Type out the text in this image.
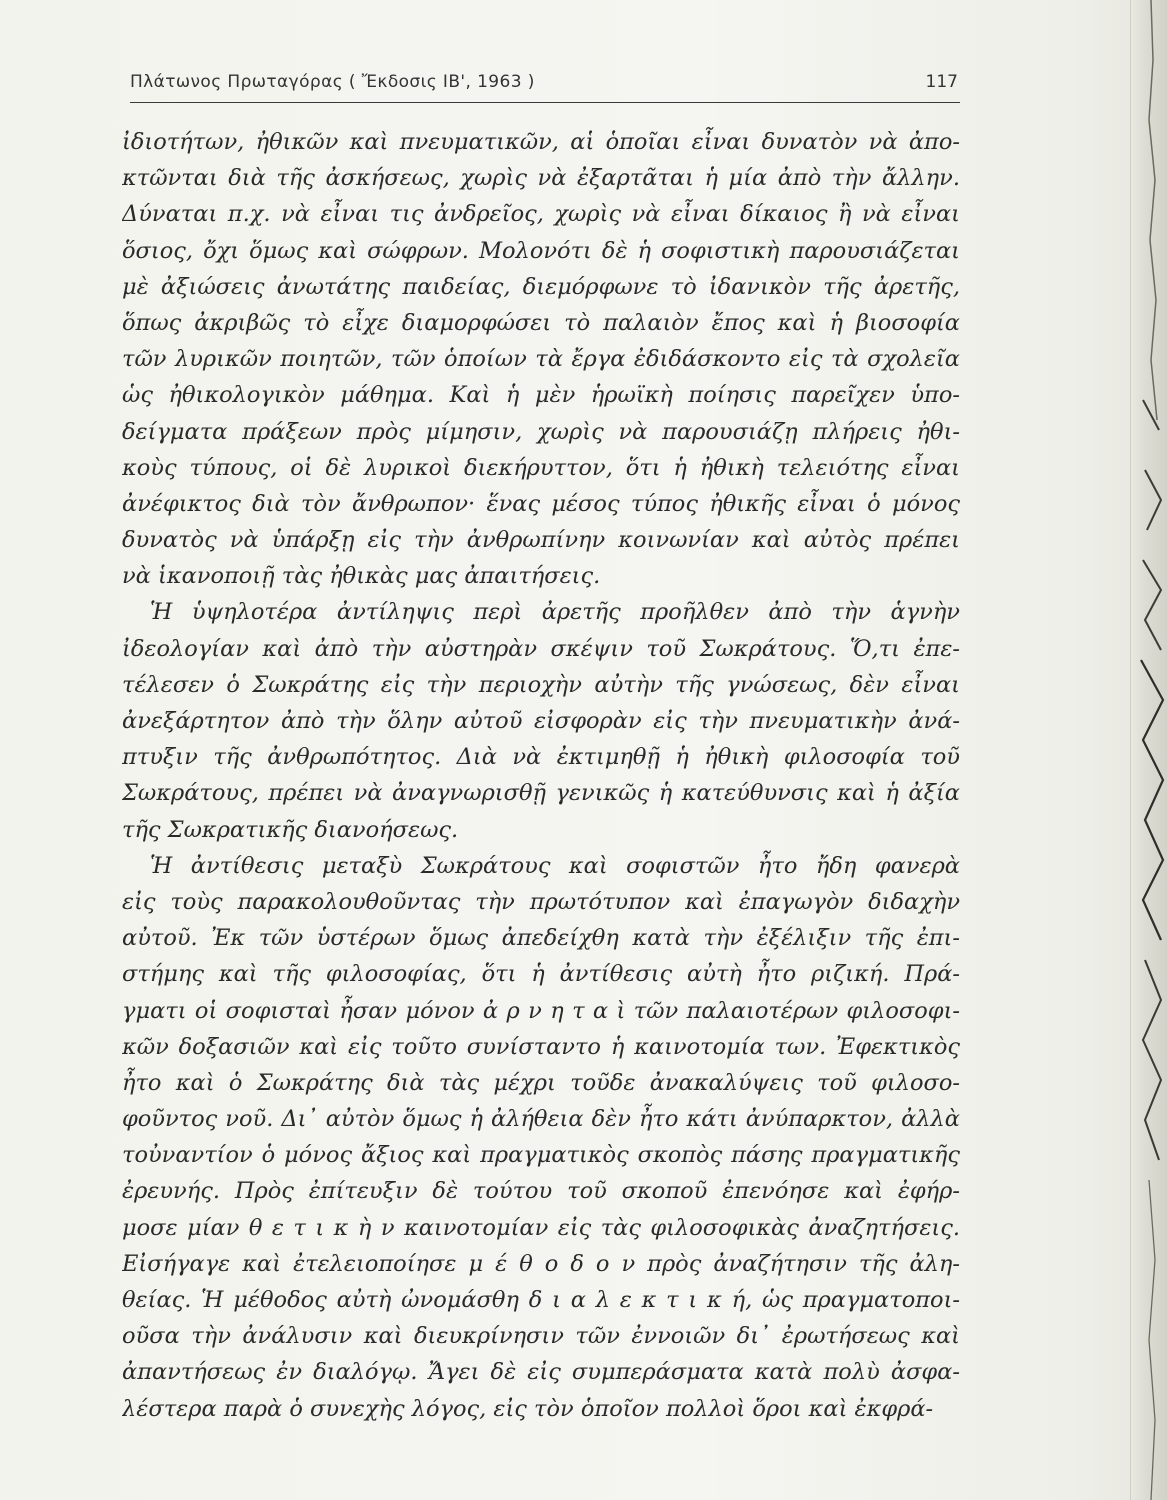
Πλάτωνος Πρωταγόρας ( Ἔκδοσις ΙΒ', 1963 )	117
ἰδιοτήτων, ἠθικῶν καὶ πνευματικῶν, αἱ ὁποῖαι εἶναι δυνατὸν νὰ ἀπο-
κτῶνται διὰ τῆς ἀσκήσεως, χωρὶς νὰ ἐξαρτᾶται ἡ μία ἀπὸ τὴν ἄλλην.
Δύναται π.χ. νὰ εἶναι τις ἀνδρεῖος, χωρὶς νὰ εἶναι δίκαιος ἢ νὰ εἶναι
ὅσιος, ὄχι ὅμως καὶ σώφρων. Μολονότι δὲ ἡ σοφιστικὴ παρουσιάζεται
μὲ ἀξιώσεις ἀνωτάτης παιδείας, διεμόρφωνε τὸ ἰδανικὸν τῆς ἀρετῆς,
ὅπως ἀκριβῶς τὸ εἶχε διαμορφώσει τὸ παλαιὸν ἔπος καὶ ἡ βιοσοφία
τῶν λυρικῶν ποιητῶν, τῶν ὁποίων τὰ ἔργα ἐδιδάσκοντο εἰς τὰ σχολεῖα
ὡς ἠθικολογικὸν μάθημα. Καὶ ἡ μὲν ἡρωϊκὴ ποίησις παρεῖχεν ὑπο-
δείγματα πράξεων πρὸς μίμησιν, χωρὶς νὰ παρουσιάζῃ πλήρεις ἠθι-
κοὺς τύπους, οἱ δὲ λυρικοὶ διεκήρυττον, ὅτι ἡ ἠθικὴ τελειότης εἶναι
ἀνέφικτος διὰ τὸν ἄνθρωπον· ἕνας μέσος τύπος ἠθικῆς εἶναι ὁ μόνος
δυνατὸς νὰ ὑπάρξῃ εἰς τὴν ἀνθρωπίνην κοινωνίαν καὶ αὐτὸς πρέπει
νὰ ἱκανοποιῇ τὰς ἠθικὰς μας ἀπαιτήσεις.
Ἡ ὑψηλοτέρα ἀντίληψις περὶ ἀρετῆς προῆλθεν ἀπὸ τὴν ἁγνὴν
ἰδεολογίαν καὶ ἀπὸ τὴν αὐστηρὰν σκέψιν τοῦ Σωκράτους. Ὅ,τι ἐπε-
τέλεσεν ὁ Σωκράτης εἰς τὴν περιοχὴν αὐτὴν τῆς γνώσεως, δὲν εἶναι
ἀνεξάρτητον ἀπὸ τὴν ὅλην αὐτοῦ εἰσφορὰν εἰς τὴν πνευματικὴν ἀνά-
πτυξιν τῆς ἀνθρωπότητος. Διὰ νὰ ἐκτιμηθῇ ἡ ἠθικὴ φιλοσοφία τοῦ
Σωκράτους, πρέπει νὰ ἀναγνωρισθῇ γενικῶς ἡ κατεύθυνσις καὶ ἡ ἀξία
τῆς Σωκρατικῆς διανοήσεως.
Ἡ ἀντίθεσις μεταξὺ Σωκράτους καὶ σοφιστῶν ἦτο ἤδη φανερὰ
εἰς τοὺς παρακολουθοῦντας τὴν πρωτότυπον καὶ ἐπαγωγὸν διδαχὴν
αὐτοῦ. Ἐκ τῶν ὑστέρων ὅμως ἀπεδείχθη κατὰ τὴν ἐξέλιξιν τῆς ἐπι-
στήμης καὶ τῆς φιλοσοφίας, ὅτι ἡ ἀντίθεσις αὐτὴ ἦτο ριζική. Πρά-
γματι οἱ σοφισταὶ ἦσαν μόνον ἀ ρ ν η τ α ὶ τῶν παλαιοτέρων φιλοσοφι-
κῶν δοξασιῶν καὶ εἰς τοῦτο συνίσταντο ἡ καινοτομία των. Ἐφεκτικὸς
ἦτο καὶ ὁ Σωκράτης διὰ τὰς μέχρι τοῦδε ἀνακαλύψεις τοῦ φιλοσο-
φοῦντος νοῦ. Δι᾽ αὐτὸν ὅμως ἡ ἀλήθεια δὲν ἦτο κάτι ἀνύπαρκτον, ἀλλὰ
τοὐναντίον ὁ μόνος ἄξιος καὶ πραγματικὸς σκοπὸς πάσης πραγματικῆς
ἐρευνής. Πρὸς ἐπίτευξιν δὲ τούτου τοῦ σκοποῦ ἐπενόησε καὶ ἐφήρ-
μοσε μίαν θ ε τ ι κ ὴ ν καινοτομίαν εἰς τὰς φιλοσοφικὰς ἀναζητήσεις.
Εἰσήγαγε καὶ ἐτελειοποίησε μ έ θ ο δ ο ν πρὸς ἀναζήτησιν τῆς ἀλη-
θείας. Ἡ μέθοδος αὐτὴ ὠνομάσθη δ ι α λ ε κ τ ι κ ή, ὡς πραγματοποι-
οῦσα τὴν ἀνάλυσιν καὶ διευκρίνησιν τῶν ἐννοιῶν δι᾽ ἐρωτήσεως καὶ
ἀπαντήσεως ἐν διαλόγῳ. Ἄγει δὲ εἰς συμπεράσματα κατὰ πολὺ ἀσφα-
λέστερα παρὰ ὁ συνεχὴς λόγος, εἰς τὸν ὁποῖον πολλοὶ ὅροι καὶ ἐκφρά-
